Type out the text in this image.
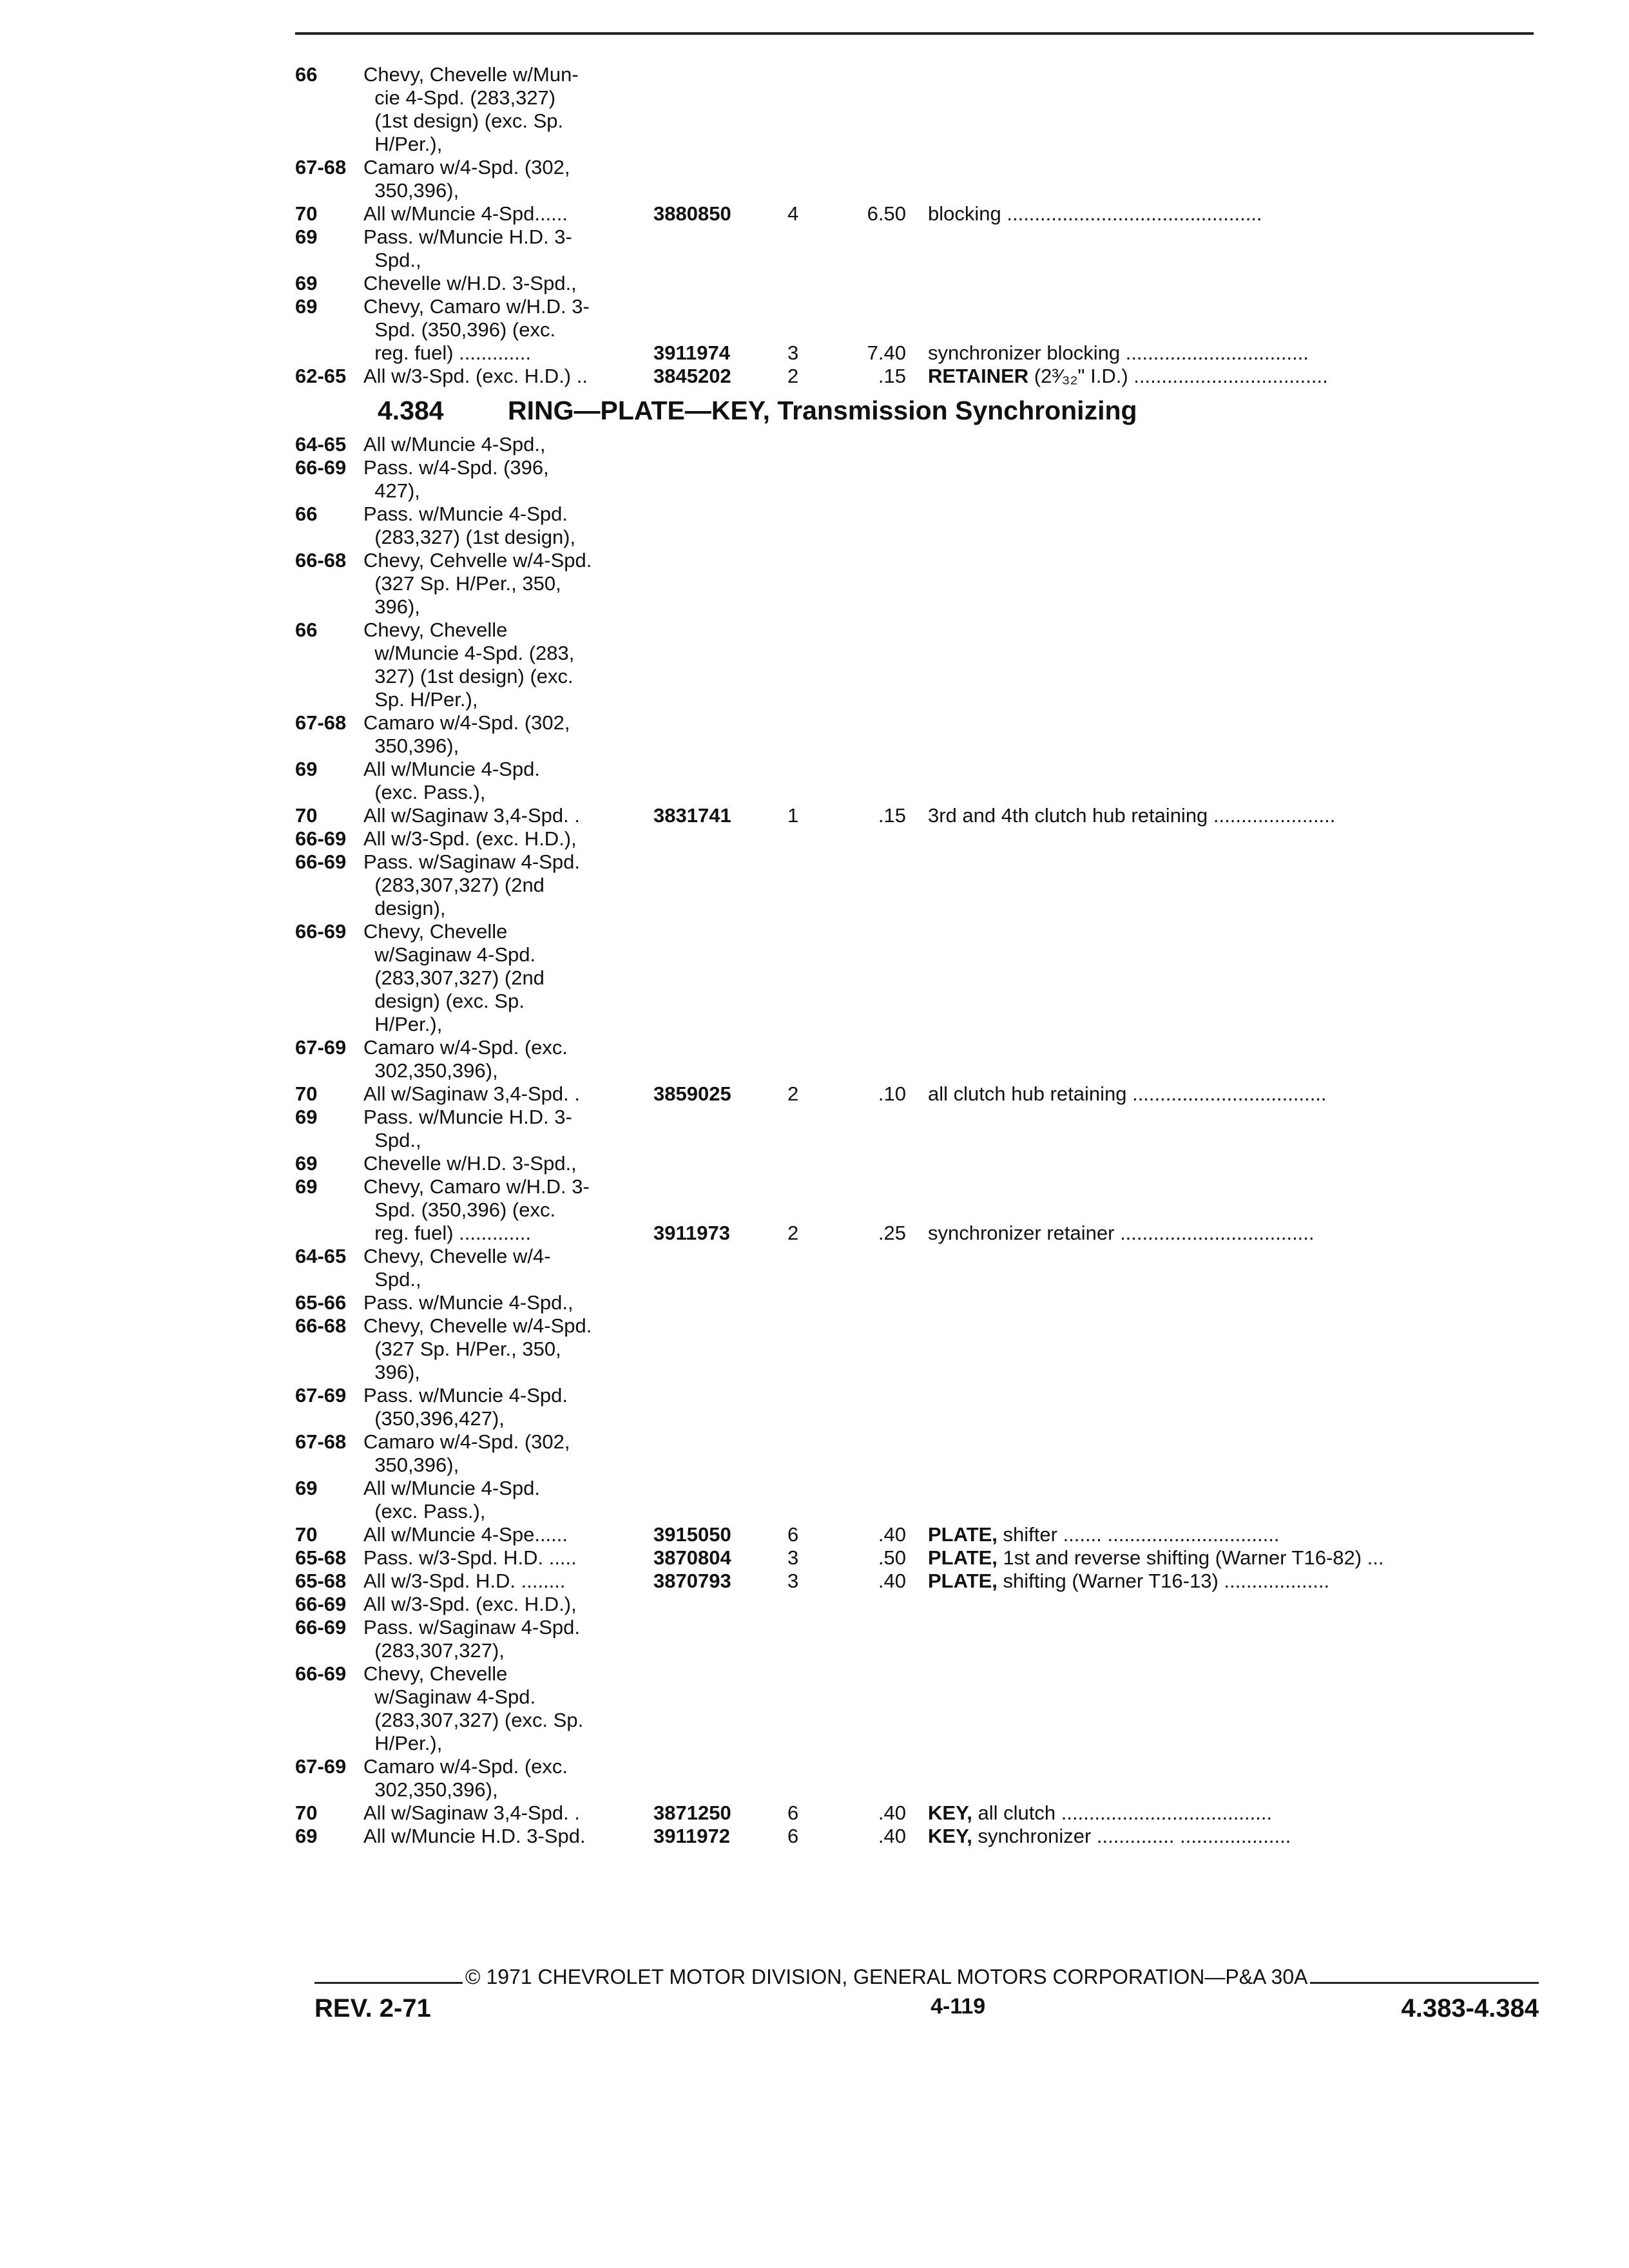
66	Chevy, Chevelle w/Mun-
cie 4-Spd. (283,327)
(1st design) (exc. Sp.
H/Per.),
67-68 Camaro w/4-Spd. (302,
350,396),
70	All w/Muncie 4-Spd......	3880850	4	6.50	blocking ..............................................
69	Pass. w/Muncie H.D. 3-
Spd.,
69	Chevelle w/H.D. 3-Spd.,
69	Chevy, Camaro w/H.D. 3-
Spd. (350,396) (exc.
reg. fuel) .............	3911974	3	7.40	synchronizer blocking .................................
62-65 All w/3-Spd. (exc. H.D.) ..	3845202	2	.15	RETAINER (2³⁄₃₂" I.D.) ...................................
4.384	RING—PLATE—KEY, Transmission Synchronizing
64-65 All w/Muncie 4-Spd.,
66-69 Pass. w/4-Spd. (396,
427),
66	Pass. w/Muncie 4-Spd.
(283,327) (1st design),
66-68 Chevy, Cehvelle w/4-Spd.
(327 Sp. H/Per., 350,
396),
66	Chevy, Chevelle
w/Muncie 4-Spd. (283,
327) (1st design) (exc.
Sp. H/Per.),
67-68 Camaro w/4-Spd. (302,
350,396),
69	All w/Muncie 4-Spd.
(exc. Pass.),
70	All w/Saginaw 3,4-Spd. .	3831741	1	.15	3rd and 4th clutch hub retaining ......................
66-69 All w/3-Spd. (exc. H.D.),
66-69 Pass. w/Saginaw 4-Spd.
(283,307,327) (2nd
design),
66-69 Chevy, Chevelle
w/Saginaw 4-Spd.
(283,307,327) (2nd
design) (exc. Sp.
H/Per.),
67-69 Camaro w/4-Spd. (exc.
302,350,396),
70	All w/Saginaw 3,4-Spd. .	3859025	2	.10	all clutch hub retaining ...................................
69	Pass. w/Muncie H.D. 3-
Spd.,
69	Chevelle w/H.D. 3-Spd.,
69	Chevy, Camaro w/H.D. 3-
Spd. (350,396) (exc.
reg. fuel) .............	3911973	2	.25	synchronizer retainer ...................................
64-65 Chevy, Chevelle w/4-
Spd.,
65-66 Pass. w/Muncie 4-Spd.,
66-68 Chevy, Chevelle w/4-Spd.
(327 Sp. H/Per., 350,
396),
67-69 Pass. w/Muncie 4-Spd.
(350,396,427),
67-68 Camaro w/4-Spd. (302,
350,396),
69	All w/Muncie 4-Spd.
(exc. Pass.),
70	All w/Muncie 4-Spe......	3915050	6	.40	PLATE, shifter ....... ...............................
65-68 Pass. w/3-Spd. H.D. .....	3870804	3	.50	PLATE, 1st and reverse shifting (Warner T16-82) ...
65-68 All w/3-Spd. H.D. ........	3870793	3	.40	PLATE, shifting (Warner T16-13) ...................
66-69 All w/3-Spd. (exc. H.D.),
66-69 Pass. w/Saginaw 4-Spd.
(283,307,327),
66-69 Chevy, Chevelle
w/Saginaw 4-Spd.
(283,307,327) (exc. Sp.
H/Per.),
67-69 Camaro w/4-Spd. (exc.
302,350,396),
70	All w/Saginaw 3,4-Spd. .	3871250	6	.40	KEY, all clutch ......................................
69	All w/Muncie H.D. 3-Spd.	3911972	6	.40	KEY, synchronizer .............. ....................
© 1971 CHEVROLET MOTOR DIVISION, GENERAL MOTORS CORPORATION—P&A 30A
REV. 2-71	4-119	4.383-4.384
